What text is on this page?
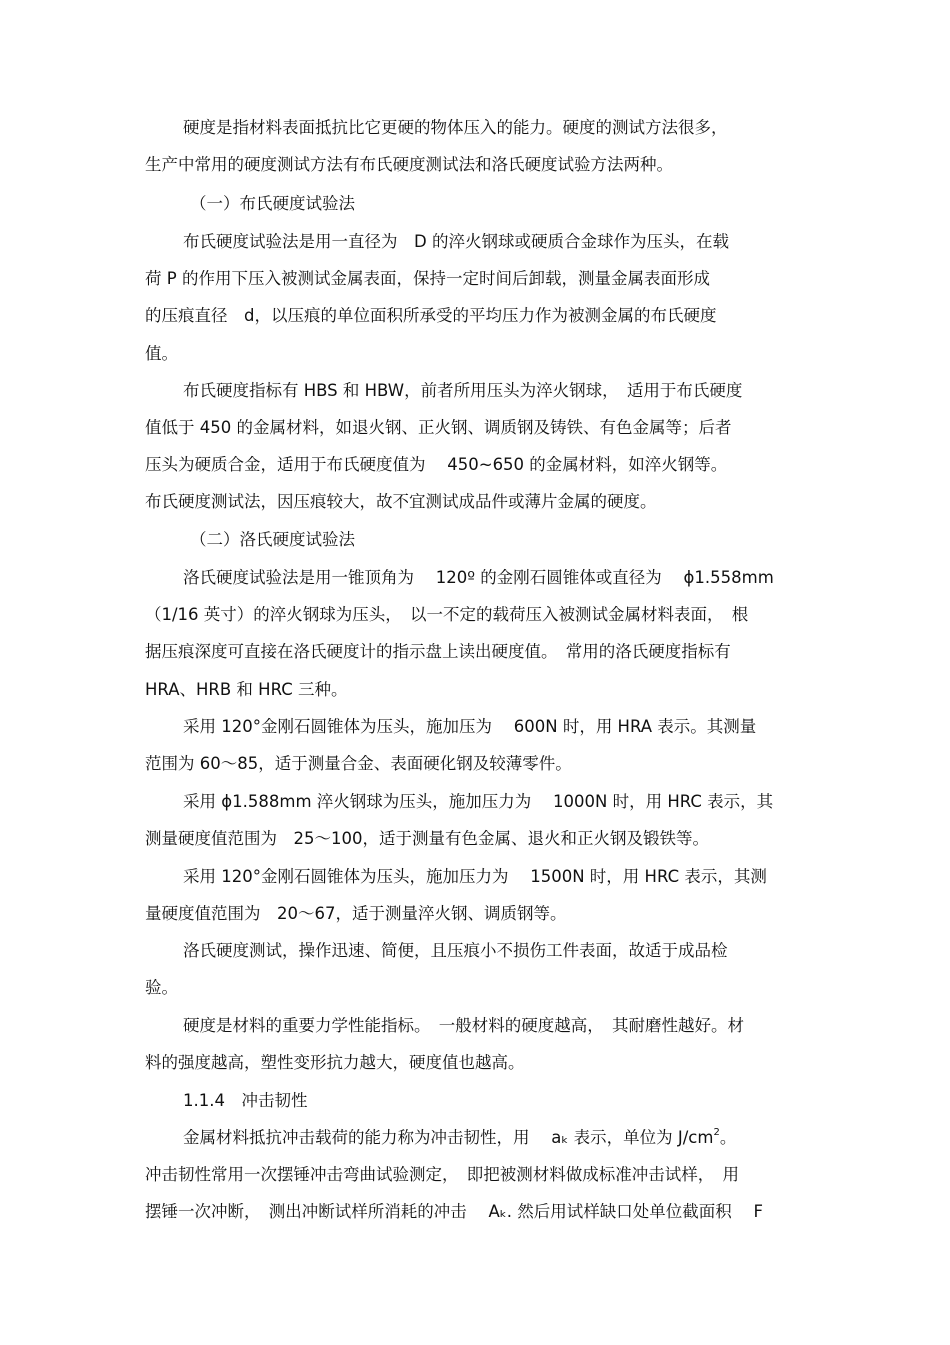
硬度是指材料表面抵抗比它更硬的物体压入的能力。硬度的测试方法很多，
生产中常用的硬度测试方法有布氏硬度测试法和洛氏硬度试验方法两种。
（一）布氏硬度试验法
布氏硬度试验法是用一直径为　D 的淬火钢球或硬质合金球作为压头，在载
荷 P 的作用下压入被测试金属表面，保持一定时间后卸载，测量金属表面形成
的压痕直径　d，以压痕的单位面积所承受的平均压力作为被测金属的布氏硬度
值。
布氏硬度指标有 HBS 和 HBW，前者所用压头为淬火钢球，　适用于布氏硬度
值低于 450 的金属材料，如退火钢、正火钢、调质钢及铸铁、有色金属等；后者
压头为硬质合金，适用于布氏硬度值为　 450~650 的金属材料，如淬火钢等。
布氏硬度测试法，因压痕较大，故不宜测试成品件或薄片金属的硬度。
（二）洛氏硬度试验法
洛氏硬度试验法是用一锥顶角为　 120º 的金刚石圆锥体或直径为　 ɸ1.558mm
（1/16 英寸）的淬火钢球为压头，　以一不定的载荷压入被测试金属材料表面，　根
据压痕深度可直接在洛氏硬度计的指示盘上读出硬度值。　常用的洛氏硬度指标有
HRA、HRB 和 HRC 三种。
采用 120°金刚石圆锥体为压头，施加压为　 600N 时，用 HRA 表示。其测量
范围为 60～85，适于测量合金、表面硬化钢及较薄零件。
采用 ɸ1.588mm 淬火钢球为压头，施加压力为　 1000N 时，用 HRC 表示，其
测量硬度值范围为　25～100，适于测量有色金属、退火和正火钢及锻铁等。
采用 120°金刚石圆锥体为压头，施加压力为　 1500N 时，用 HRC 表示，其测
量硬度值范围为　20～67，适于测量淬火钢、调质钢等。
洛氏硬度测试，操作迅速、简便，且压痕小不损伤工件表面，故适于成品检
验。
硬度是材料的重要力学性能指标。　一般材料的硬度越高，　其耐磨性越好。材
料的强度越高，塑性变形抗力越大，硬度值也越高。
1.1.4　冲击韧性
金属材料抵抗冲击载荷的能力称为冲击韧性，用　 aₖ 表示，单位为 $J/cm^2$。
冲击韧性常用一次摆锤冲击弯曲试验测定，　即把被测材料做成标准冲击试样，　用
摆锤一次冲断，　测出冲断试样所消耗的冲击　 Aₖ. 然后用试样缺口处单位截面积　 F
